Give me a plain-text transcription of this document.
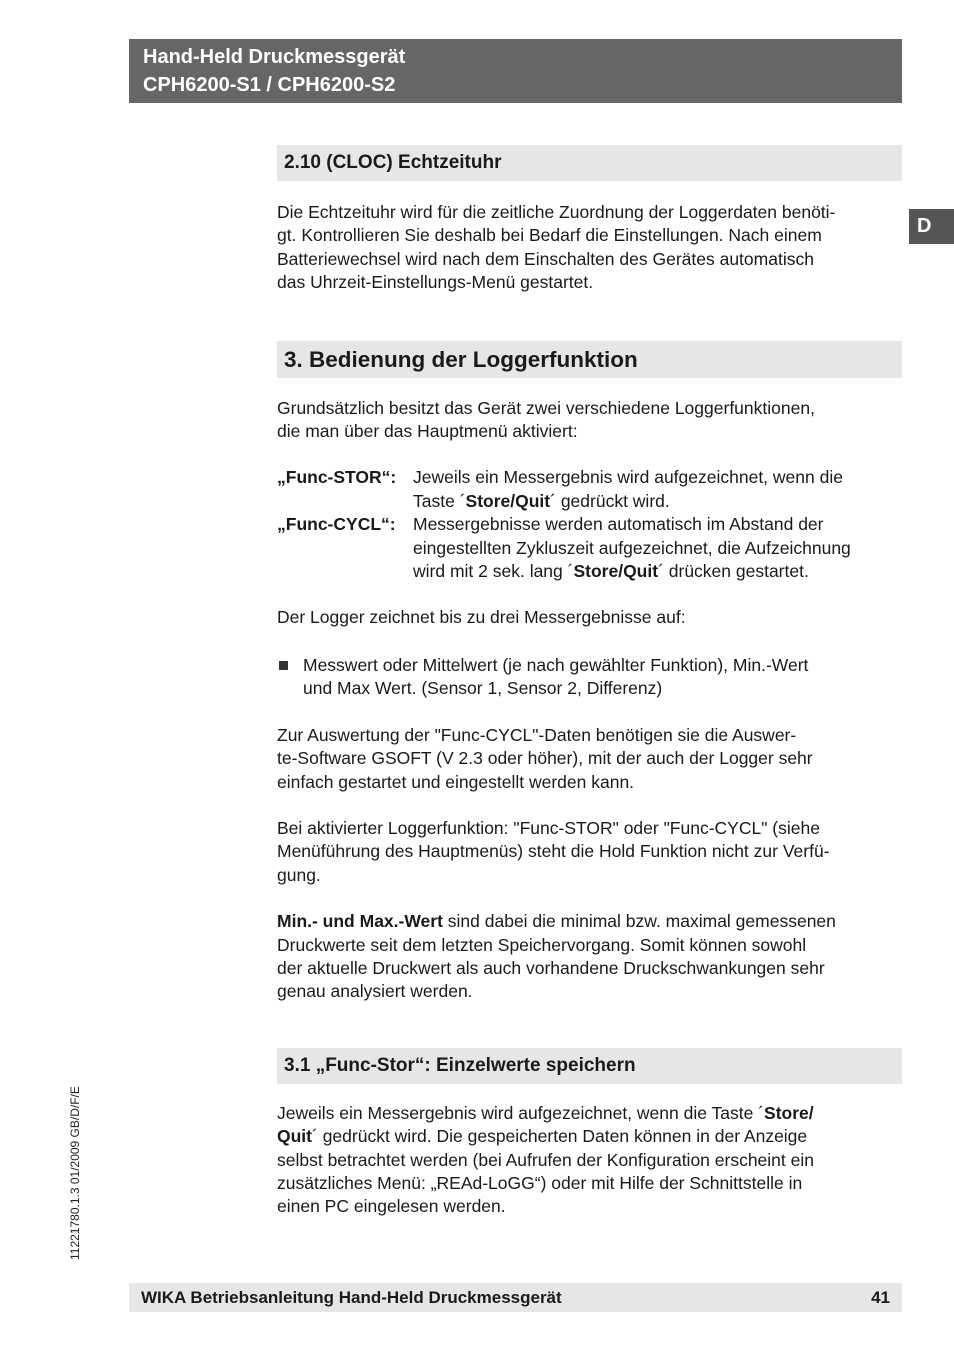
Hand-Held Druckmessgerät
CPH6200-S1 / CPH6200-S2
D
2.10 (CLOC) Echtzeituhr

Die Echtzeituhr wird für die zeitliche Zuordnung der Loggerdaten benöti-
gt. Kontrollieren Sie deshalb bei Bedarf die Einstellungen. Nach einem
Batteriewechsel wird nach dem Einschalten des Gerätes automatisch
das Uhrzeit-Einstellungs-Menü gestartet.

3. Bedienung der Loggerfunktion

Grundsätzlich besitzt das Gerät zwei verschiedene Loggerfunktionen,
die man über das Hauptmenü aktiviert:

„Func-STOR“: Jeweils ein Messergebnis wird aufgezeichnet, wenn die
Taste ´Store/Quit´ gedrückt wird.
„Func-CYCL“: Messergebnisse werden automatisch im Abstand der
eingestellten Zykluszeit aufgezeichnet, die Aufzeichnung
wird mit 2 sek. lang ´Store/Quit´ drücken gestartet.

Der Logger zeichnet bis zu drei Messergebnisse auf:

Messwert oder Mittelwert (je nach gewählter Funktion), Min.-Wert
und Max Wert. (Sensor 1, Sensor 2, Differenz)

Zur Auswertung der "Func-CYCL"-Daten benötigen sie die Auswer-
te-Software GSOFT (V 2.3 oder höher), mit der auch der Logger sehr
einfach gestartet und eingestellt werden kann.

Bei aktivierter Loggerfunktion: "Func-STOR" oder "Func-CYCL" (siehe
Menüführung des Hauptmenüs) steht die Hold Funktion nicht zur Verfü-
gung.

Min.- und Max.-Wert sind dabei die minimal bzw. maximal gemessenen
Druckwerte seit dem letzten Speichervorgang. Somit können sowohl
der aktuelle Druckwert als auch vorhandene Druckschwankungen sehr
genau analysiert werden.

3.1 „Func-Stor“: Einzelwerte speichern

Jeweils ein Messergebnis wird aufgezeichnet, wenn die Taste ´Store/
Quit´ gedrückt wird. Die gespeicherten Daten können in der Anzeige
selbst betrachtet werden (bei Aufrufen der Konfiguration erscheint ein
zusätzliches Menü: „REAd-LoGG“) oder mit Hilfe der Schnittstelle in
einen PC eingelesen werden.

11221780.1.3 01/2009 GB/D/F/E
WIKA Betriebsanleitung Hand-Held Druckmessgerät	41
